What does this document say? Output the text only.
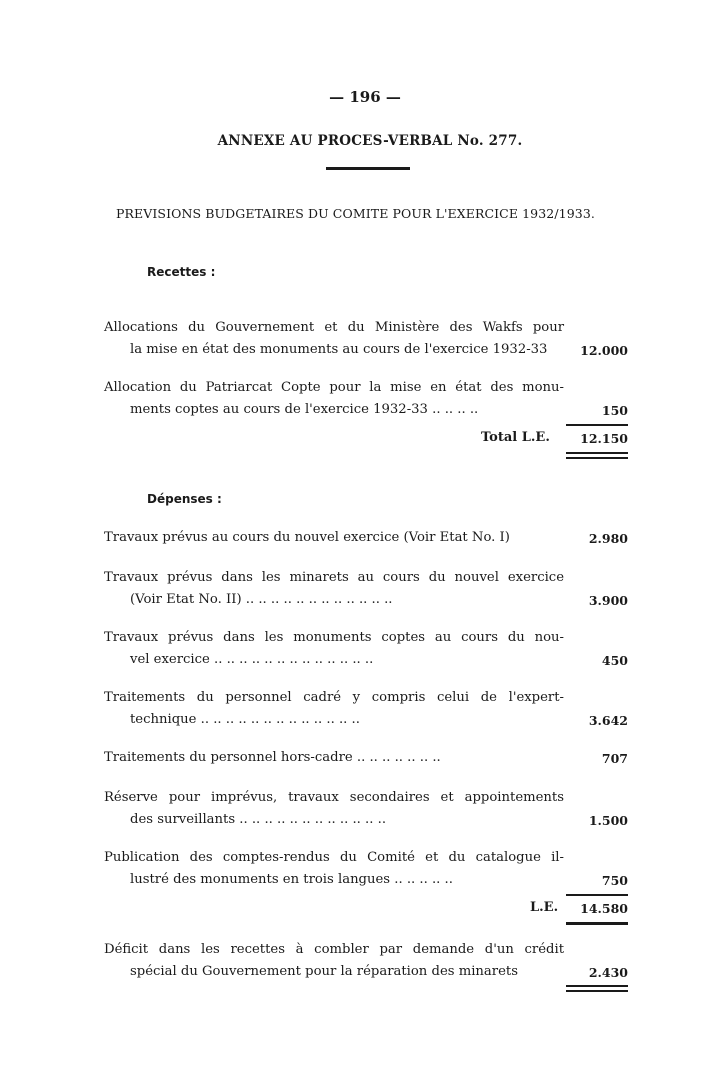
— 196 —
ANNEXE AU PROCES-VERBAL No. 277.
PREVISIONS BUDGETAIRES DU COMITE POUR L'EXERCICE 1932/1933.
Recettes :
Allocations du Gouvernement et du Ministère des Wakfs pour
la mise en état des monuments au cours de l'exercice 1932-33	12.000
Allocation du Patriarcat Copte pour la mise en état des monu-
ments coptes au cours de l'exercice 1932-33 .. .. .. ..	150
Total L.E. 12.150
Dépenses :
Travaux prévus au cours du nouvel exercice (Voir Etat No. I)	2.980
Travaux prévus dans les minarets au cours du nouvel exercice
(Voir Etat No. II) .. .. .. .. .. .. .. .. .. .. .. ..	3.900
Travaux prévus dans les monuments coptes au cours du nou-
vel exercice .. .. .. .. .. .. .. .. .. .. .. .. ..	450
Traitements du personnel cadré y compris celui de l'expert-
technique .. .. .. .. .. .. .. .. .. .. .. .. ..	3.642
Traitements du personnel hors-cadre .. .. .. .. .. .. ..	707
Réserve pour imprévus, travaux secondaires et appointements
des surveillants .. .. .. .. .. .. .. .. .. .. .. ..	1.500
Publication des comptes-rendus du Comité et du catalogue il-
lustré des monuments en trois langues .. .. .. .. ..	750
L.E. 14.580
Déficit dans les recettes à combler par demande d'un crédit
spécial du Gouvernement pour la réparation des minarets	2.430
